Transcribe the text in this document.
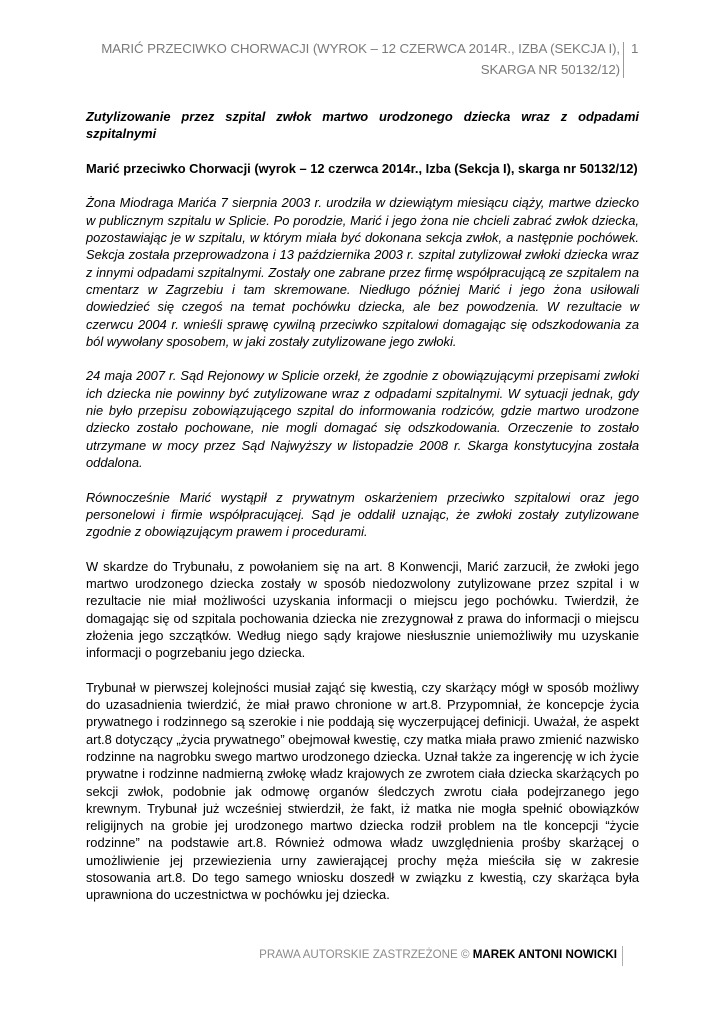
MARIĆ PRZECIWKO CHORWACJI (WYROK – 12 CZERWCA 2014R., IZBA (SEKCJA I),
SKARGA NR 50132/12)
1

Zutylizowanie przez szpital zwłok martwo urodzonego dziecka wraz z odpadami szpitalnymi

Marić przeciwko Chorwacji (wyrok – 12 czerwca 2014r., Izba (Sekcja I), skarga nr 50132/12)

Żona Miodraga Marića 7 sierpnia 2003 r. urodziła w dziewiątym miesiącu ciąży, martwe dziecko w publicznym szpitalu w Splicie. Po porodzie, Marić i jego żona nie chcieli zabrać zwłok dziecka, pozostawiając je w szpitalu, w którym miała być dokonana sekcja zwłok, a następnie pochówek. Sekcja została przeprowadzona i 13 października 2003 r. szpital zutylizował zwłoki dziecka wraz z innymi odpadami szpitalnymi. Zostały one zabrane przez firmę współpracującą ze szpitalem na cmentarz w Zagrzebiu i tam skremowane. Niedługo później Marić i jego żona usiłowali dowiedzieć się czegoś na temat pochówku dziecka, ale bez powodzenia. W rezultacie w czerwcu 2004 r. wnieśli sprawę cywilną przeciwko szpitalowi domagając się odszkodowania za ból wywołany sposobem, w jaki zostały zutylizowane jego zwłoki.

24 maja 2007 r. Sąd Rejonowy w Splicie orzekł, że zgodnie z obowiązującymi przepisami zwłoki ich dziecka nie powinny być zutylizowane wraz z odpadami szpitalnymi. W sytuacji jednak, gdy nie było przepisu zobowiązującego szpital do informowania rodziców, gdzie martwo urodzone dziecko zostało pochowane, nie mogli domagać się odszkodowania. Orzeczenie to zostało utrzymane w mocy przez Sąd Najwyższy w listopadzie 2008 r. Skarga konstytucyjna została oddalona.

Równocześnie Marić wystąpił z prywatnym oskarżeniem przeciwko szpitalowi oraz jego personelowi i firmie współpracującej. Sąd je oddalił uznając, że zwłoki zostały zutylizowane zgodnie z obowiązującym prawem i procedurami.

W skardze do Trybunału, z powołaniem się na art. 8 Konwencji, Marić zarzucił, że zwłoki jego martwo urodzonego dziecka zostały w sposób niedozwolony zutylizowane przez szpital i w rezultacie nie miał możliwości uzyskania informacji o miejscu jego pochówku. Twierdził, że domagając się od szpitala pochowania dziecka nie zrezygnował z prawa do informacji o miejscu złożenia jego szczątków. Według niego sądy krajowe niesłusznie uniemożliwiły mu uzyskanie informacji o pogrzebaniu jego dziecka.

Trybunał w pierwszej kolejności musiał zająć się kwestią, czy skarżący mógł w sposób możliwy do uzasadnienia twierdzić, że miał prawo chronione w art.8. Przypomniał, że koncepcje życia prywatnego i rodzinnego są szerokie i nie poddają się wyczerpującej definicji. Uważał, że aspekt art.8 dotyczący „życia prywatnego” obejmował kwestię, czy matka miała prawo zmienić nazwisko rodzinne na nagrobku swego martwo urodzonego dziecka. Uznał także za ingerencję w ich życie prywatne i rodzinne nadmierną zwłokę władz krajowych ze zwrotem ciała dziecka skarżących po sekcji zwłok, podobnie jak odmowę organów śledczych zwrotu ciała podejrzanego jego krewnym. Trybunał już wcześniej stwierdził, że fakt, iż matka nie mogła spełnić obowiązków religijnych na grobie jej urodzonego martwo dziecka rodził problem na tle koncepcji “życie rodzinne” na podstawie art.8. Również odmowa władz uwzględnienia prośby skarżącej o umożliwienie jej przewiezienia urny zawierającej prochy męża mieściła się w zakresie stosowania art.8. Do tego samego wniosku doszedł w związku z kwestią, czy skarżąca była uprawniona do uczestnictwa w pochówku jej dziecka.

PRAWA AUTORSKIE ZASTRZEŻONE © MAREK ANTONI NOWICKI
